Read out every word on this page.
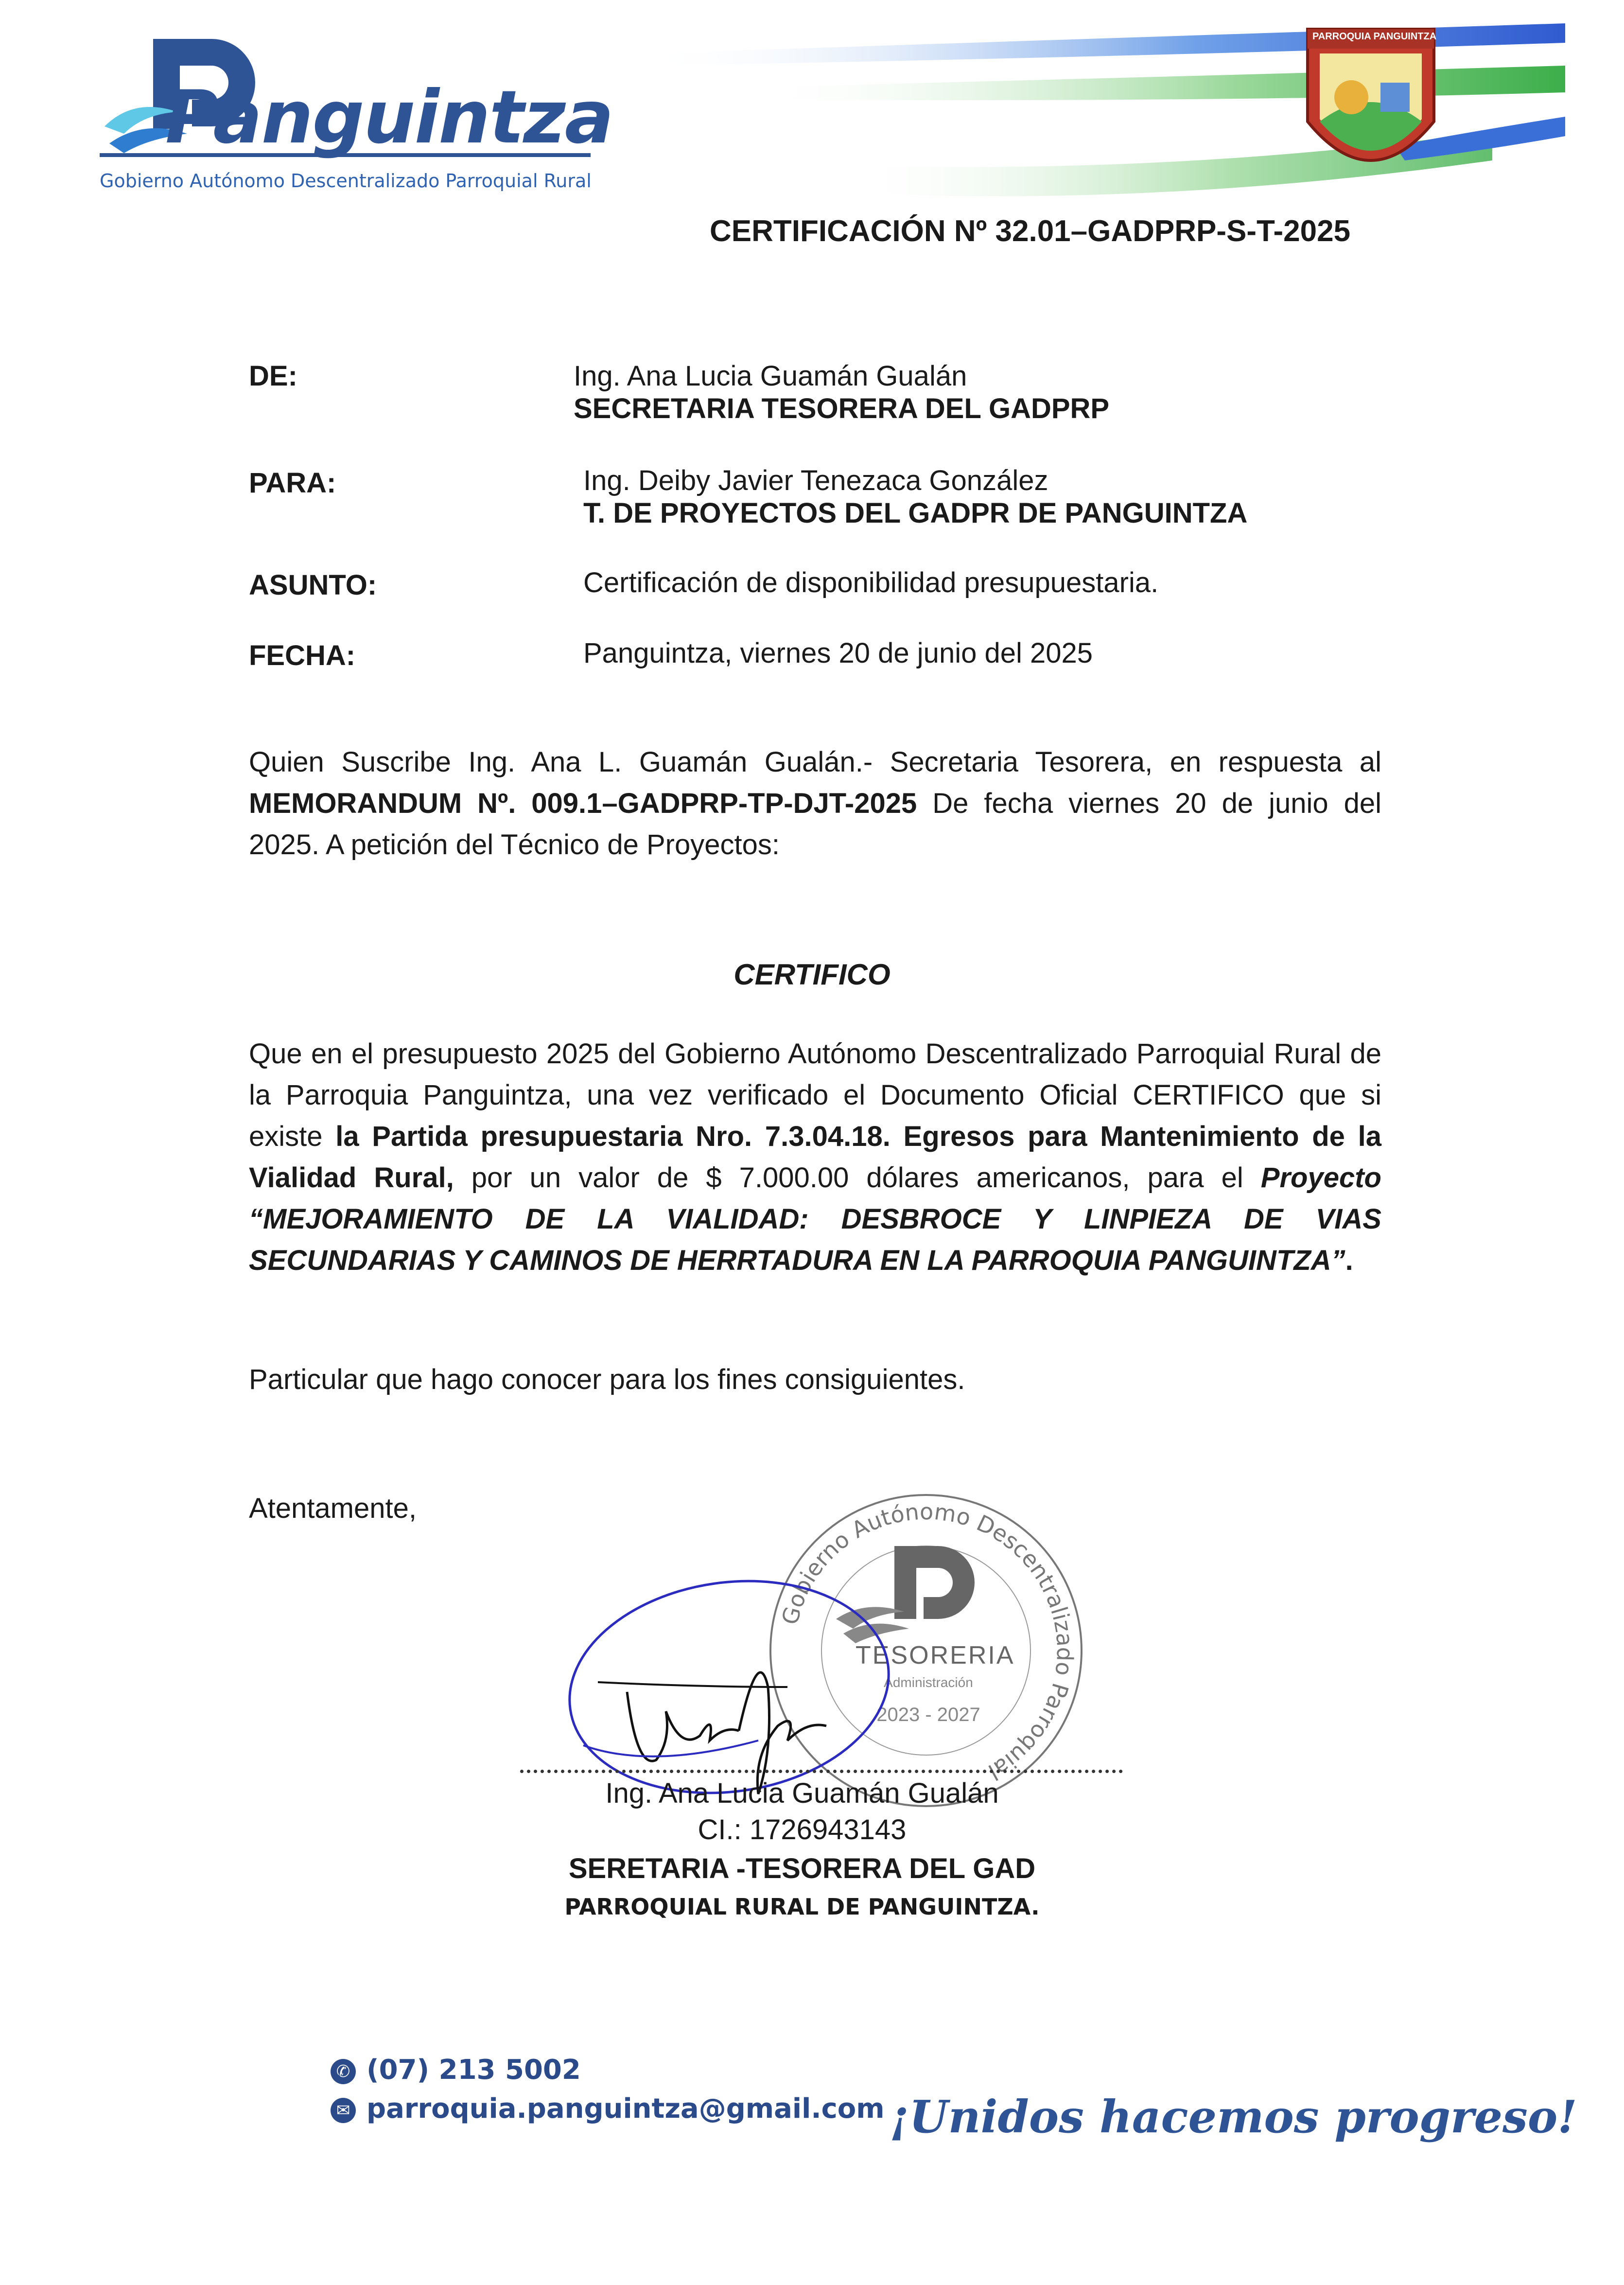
Panguintza
Gobierno Autónomo Descentralizado Parroquial Rural
PARROQUIA PANGUINTZA
CERTIFICACIÓN Nº 32.01–GADPRP-S-T-2025
DE:	Ing. Ana Lucia Guamán Gualán
SECRETARIA TESORERA DEL GADPRP
PARA:	Ing. Deiby Javier Tenezaca González
T. DE PROYECTOS DEL GADPR DE PANGUINTZA
ASUNTO:	Certificación de disponibilidad presupuestaria.
FECHA:	Panguintza, viernes 20 de junio del 2025
Quien Suscribe Ing. Ana L. Guamán Gualán.- Secretaria Tesorera, en respuesta al MEMORANDUM Nº. 009.1–GADPRP-TP-DJT-2025 De fecha viernes 20 de junio del 2025. A petición del Técnico de Proyectos:
CERTIFICO
Que en el presupuesto 2025 del Gobierno Autónomo Descentralizado Parroquial Rural de la Parroquia Panguintza, una vez verificado el Documento Oficial CERTIFICO que si existe la Partida presupuestaria Nro. 7.3.04.18. Egresos para Mantenimiento de la Vialidad Rural, por un valor de $ 7.000.00 dólares americanos, para el Proyecto “MEJORAMIENTO DE LA VIALIDAD: DESBROCE Y LINPIEZA DE VIAS SECUNDARIAS Y CAMINOS DE HERRTADURA EN LA PARROQUIA PANGUINTZA”.
Particular que hago conocer para los fines consiguientes.
Atentamente,
Gobierno Autónomo Descentralizado Parroquial
TESORERIA
Administración
2023 - 2027
Ing. Ana Lucia Guamán Gualán
CI.: 1726943143
SERETARIA -TESORERA DEL GAD
PARROQUIAL RURAL DE PANGUINTZA.
✆ (07) 213 5002
✉ parroquia.panguintza@gmail.com ¡Unidos hacemos progreso!
